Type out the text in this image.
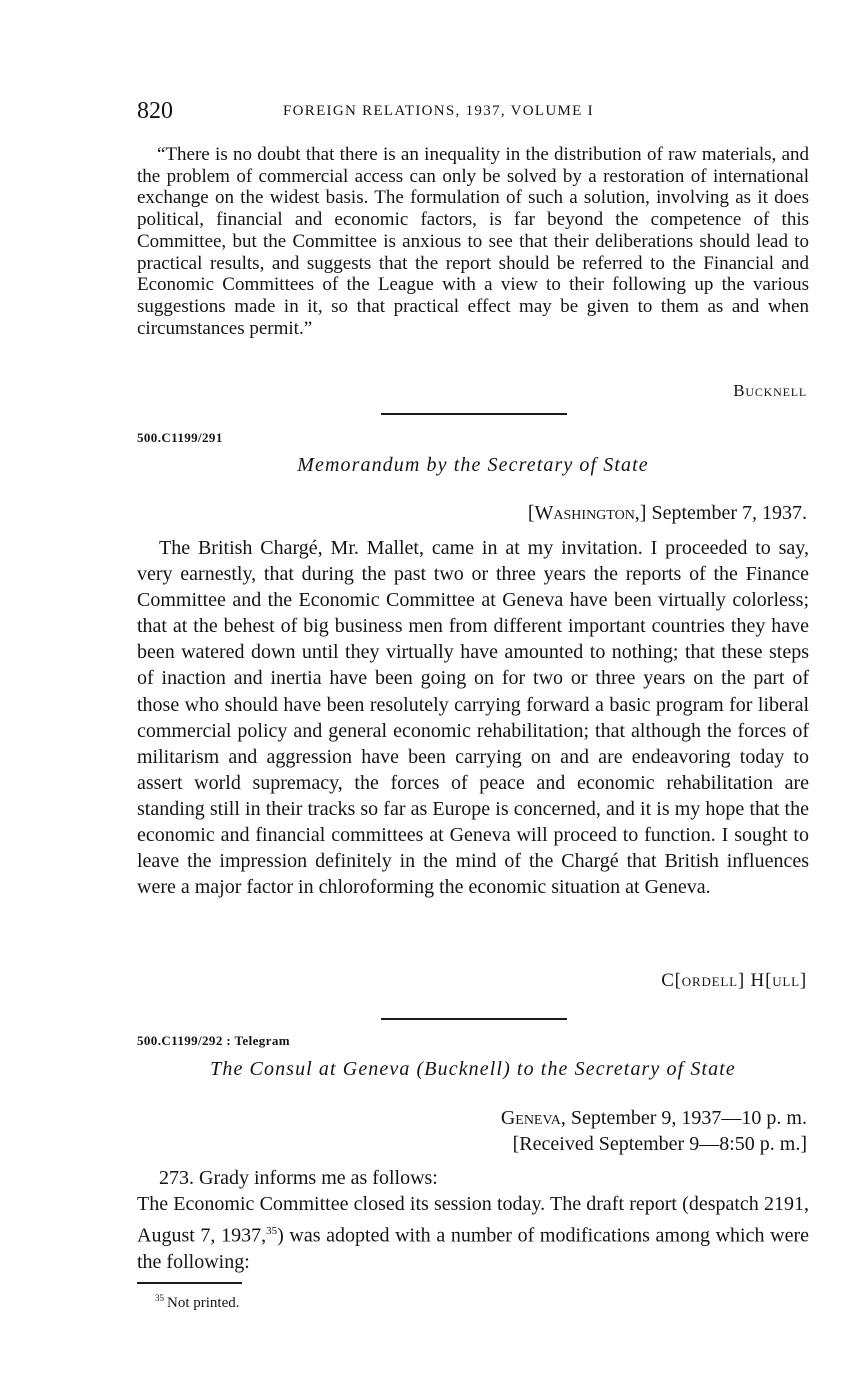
820	FOREIGN RELATIONS, 1937, VOLUME I

“There is no doubt that there is an inequality in the distribution of raw materials, and the problem of commercial access can only be solved by a restoration of international exchange on the widest basis. The formulation of such a solution, involving as it does political, financial and economic factors, is far beyond the competence of this Committee, but the Committee is anxious to see that their deliberations should lead to practical results, and suggests that the report should be referred to the Financial and Economic Committees of the League with a view to their following up the various suggestions made in it, so that practical effect may be given to them as and when circumstances permit.”

Bucknell
500.C1199/291
Memorandum by the Secretary of State
[Washington,] September 7, 1937.

The British Chargé, Mr. Mallet, came in at my invitation. I proceeded to say, very earnestly, that during the past two or three years the reports of the Finance Committee and the Economic Committee at Geneva have been virtually colorless; that at the behest of big business men from different important countries they have been watered down until they virtually have amounted to nothing; that these steps of inaction and inertia have been going on for two or three years on the part of those who should have been resolutely carrying forward a basic program for liberal commercial policy and general economic rehabilitation; that although the forces of militarism and aggression have been carrying on and are endeavoring today to assert world supremacy, the forces of peace and economic rehabilitation are standing still in their tracks so far as Europe is concerned, and it is my hope that the economic and financial committees at Geneva will proceed to function. I sought to leave the impression definitely in the mind of the Chargé that British influences were a major factor in chloroforming the economic situation at Geneva.

C[ordell] H[ull]
500.C1199/292 : Telegram
The Consul at Geneva (Bucknell) to the Secretary of State
Geneva, September 9, 1937—10 p. m.
[Received September 9—8:50 p. m.]

273. Grady informs me as follows:

The Economic Committee closed its session today. The draft report (despatch 2191, August 7, 1937,35) was adopted with a number of modifications among which were the following:

$^{35}$ Not printed.
